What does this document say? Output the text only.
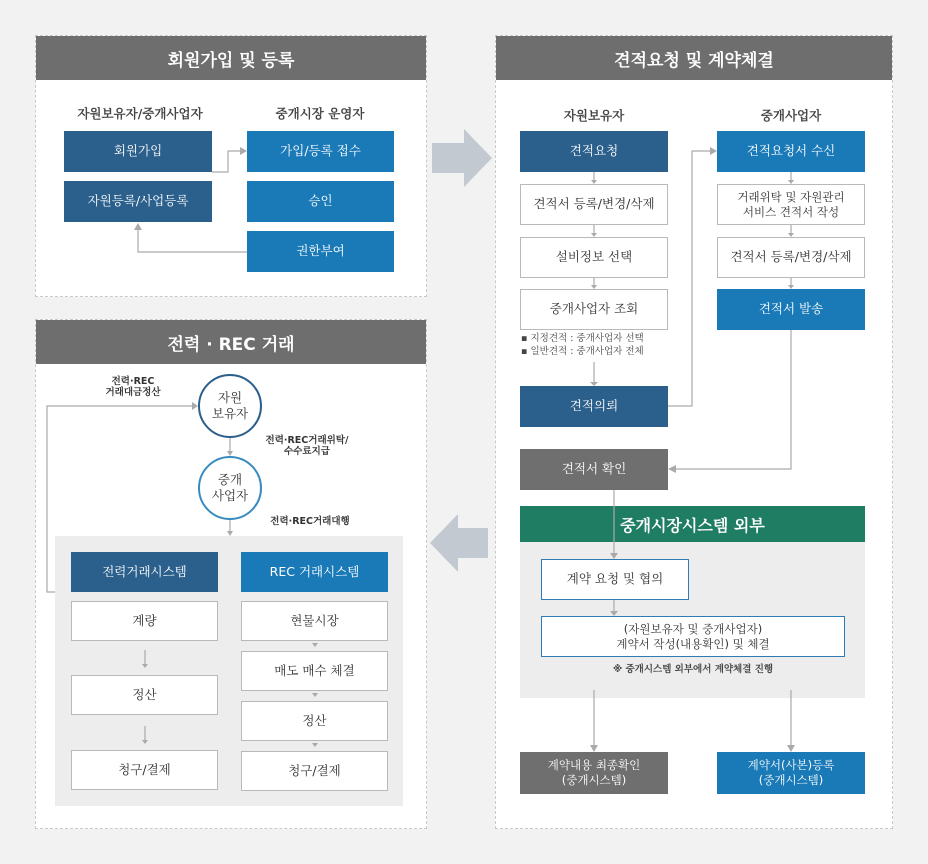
회원가입 및 등록
자원보유자/중개사업자	중개시장 운영자
회원가입
자원등록/사업등록
가입/등록 접수
승인
권한부여
전력 · REC 거래
전력·REC
거래대금정산	자원
보유자
전력·REC거래위탁/
수수료지급
중개
사업자
전력·REC거래대행
전력거래시스템	REC 거래시스템
계량
정산
청구/결제
현물시장
매도 매수 체결
정산
청구/결제
견적요청 및 계약체결
자원보유자	중개사업자
견적요청
견적서 등록/변경/삭제
설비정보 선택
중개사업자 조회
▪ 지정견적 : 중개사업자 선택
▪ 일반견적 : 중개사업자 전체
견적의뢰
견적요청서 수신
거래위탁 및 자원관리
서비스 견적서 작성
견적서 등록/변경/삭제
견적서 발송
견적서 확인
중개시장시스템 외부
계약 요청 및 협의
(자원보유자 및 중개사업자)
계약서 작성(내용확인) 및 체결
※ 중개시스템 외부에서 계약체결 진행
계약내용 최종확인
(중개시스템)
계약서(사본)등록
(중개시스템)
